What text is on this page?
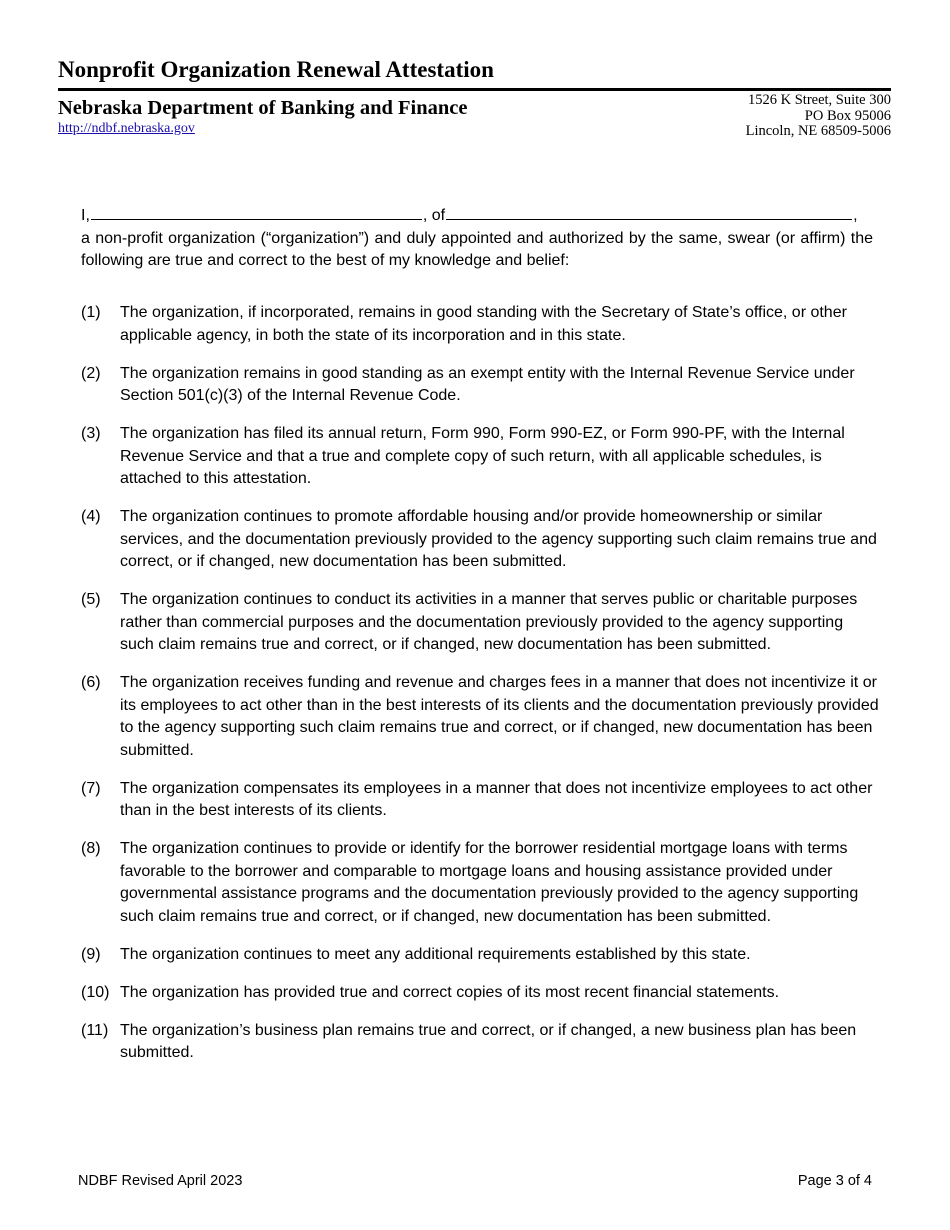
Nonprofit Organization Renewal Attestation
Nebraska Department of Banking and Finance
http://ndbf.nebraska.gov
1526 K Street, Suite 300
PO Box 95006
Lincoln, NE 68509-5006
I,	, of	,
a non-profit organization (“organization”) and duly appointed and authorized by the same, swear (or affirm) the following are true and correct to the best of my knowledge and belief:
(1)	The organization, if incorporated, remains in good standing with the Secretary of State’s office, or other applicable agency, in both the state of its incorporation and in this state.
(2)	The organization remains in good standing as an exempt entity with the Internal Revenue Service under Section 501(c)(3) of the Internal Revenue Code.
(3)	The organization has filed its annual return, Form 990, Form 990-EZ, or Form 990-PF, with the Internal Revenue Service and that a true and complete copy of such return, with all applicable schedules, is attached to this attestation.
(4)	The organization continues to promote affordable housing and/or provide homeownership or similar services, and the documentation previously provided to the agency supporting such claim remains true and correct, or if changed, new documentation has been submitted.
(5)	The organization continues to conduct its activities in a manner that serves public or charitable purposes rather than commercial purposes and the documentation previously provided to the agency supporting such claim remains true and correct, or if changed, new documentation has been submitted.
(6)	The organization receives funding and revenue and charges fees in a manner that does not incentivize it or its employees to act other than in the best interests of its clients and the documentation previously provided to the agency supporting such claim remains true and correct, or if changed, new documentation has been submitted.
(7)	The organization compensates its employees in a manner that does not incentivize employees to act other than in the best interests of its clients.
(8)	The organization continues to provide or identify for the borrower residential mortgage loans with terms favorable to the borrower and comparable to mortgage loans and housing assistance provided under governmental assistance programs and the documentation previously provided to the agency supporting such claim remains true and correct, or if changed, new documentation has been submitted.
(9)	The organization continues to meet any additional requirements established by this state.
(10) The organization has provided true and correct copies of its most recent financial statements.
(11) The organization’s business plan remains true and correct, or if changed, a new business plan has been submitted.
NDBF Revised April 2023	Page 3 of 4
